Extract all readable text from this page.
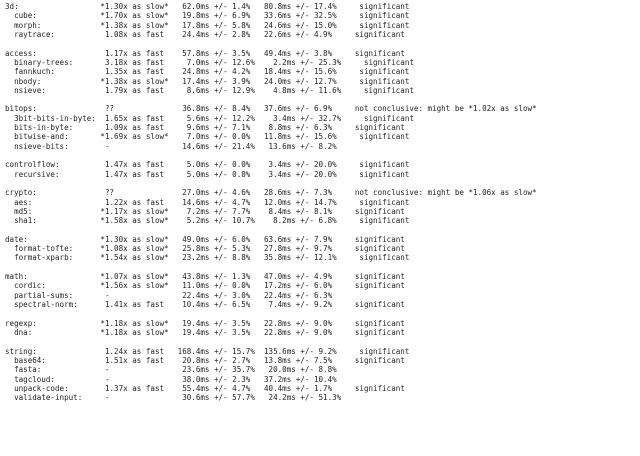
3d:                  *1.30x as slow*   62.0ms +/- 1.4%   80.8ms +/- 17.4%     significant
cube:              *1.70x as slow*   19.8ms +/- 6.9%   33.6ms +/- 32.5%     significant
morph:             *1.38x as slow*   17.8ms +/- 5.8%   24.6ms +/- 15.0%     significant
raytrace:           1.08x as fast    24.4ms +/- 2.8%   22.6ms +/- 4.9%     significant
access:               1.17x as fast    57.8ms +/- 3.5%   49.4ms +/- 3.8%     significant
binary-trees:       3.18x as fast     7.0ms +/- 12.6%    2.2ms +/- 25.3%     significant
fannkuch:           1.35x as fast    24.8ms +/- 4.2%   18.4ms +/- 15.6%     significant
nbody:             *1.38x as slow*   17.4ms +/- 3.9%   24.0ms +/- 12.7%     significant
nsieve:             1.79x as fast     8.6ms +/- 12.9%    4.8ms +/- 11.6%     significant
bitops:               ??               36.8ms +/- 8.4%   37.6ms +/- 6.9%     not conclusive: might be *1.02x as slow*
3bit-bits-in-byte:  1.65x as fast     5.6ms +/- 12.2%    3.4ms +/- 32.7%     significant
bits-in-byte:       1.09x as fast     9.6ms +/- 7.1%    8.8ms +/- 6.3%     significant
bitwise-and:       *1.69x as slow*    7.0ms +/- 0.0%   11.8ms +/- 15.6%     significant
nsieve-bits:        -                14.6ms +/- 21.4%   13.6ms +/- 8.2%
controlflow:          1.47x as fast     5.0ms +/- 0.0%    3.4ms +/- 20.0%     significant
recursive:          1.47x as fast     5.0ms +/- 0.0%    3.4ms +/- 20.0%     significant
crypto:               ??               27.0ms +/- 4.6%   28.6ms +/- 7.3%     not conclusive: might be *1.06x as slow*
aes:                1.22x as fast    14.6ms +/- 4.7%   12.0ms +/- 14.7%     significant
md5:               *1.17x as slow*    7.2ms +/- 7.7%    8.4ms +/- 8.1%     significant
sha1:              *1.58x as slow*    5.2ms +/- 10.7%    8.2ms +/- 6.8%     significant
date:                *1.30x as slow*   49.0ms +/- 6.0%   63.6ms +/- 7.9%     significant
format-tofte:      *1.08x as slow*   25.8ms +/- 5.3%   27.8ms +/- 9.7%     significant
format-xparb:      *1.54x as slow*   23.2ms +/- 8.8%   35.8ms +/- 12.1%     significant
math:                *1.07x as slow*   43.8ms +/- 1.3%   47.0ms +/- 4.9%     significant
cordic:            *1.56x as slow*   11.0ms +/- 0.0%   17.2ms +/- 6.0%     significant
partial-sums:       -                22.4ms +/- 3.0%   22.4ms +/- 6.3%
spectral-norm:      1.41x as fast    10.4ms +/- 6.5%    7.4ms +/- 9.2%     significant
regexp:              *1.18x as slow*   19.4ms +/- 3.5%   22.8ms +/- 9.0%     significant
dna:               *1.18x as slow*   19.4ms +/- 3.5%   22.8ms +/- 9.0%     significant
string:               1.24x as fast   168.4ms +/- 15.7%  135.6ms +/- 9.2%     significant
base64:             1.51x as fast    20.8ms +/- 2.7%   13.8ms +/- 7.5%     significant
fasta:              -                23.6ms +/- 35.7%   20.0ms +/- 8.8%
tagcloud:           -                38.0ms +/- 2.3%   37.2ms +/- 10.4%
unpack-code:        1.37x as fast    55.4ms +/- 4.7%   40.4ms +/- 1.7%     significant
validate-input:     -                30.6ms +/- 57.7%   24.2ms +/- 51.3%
